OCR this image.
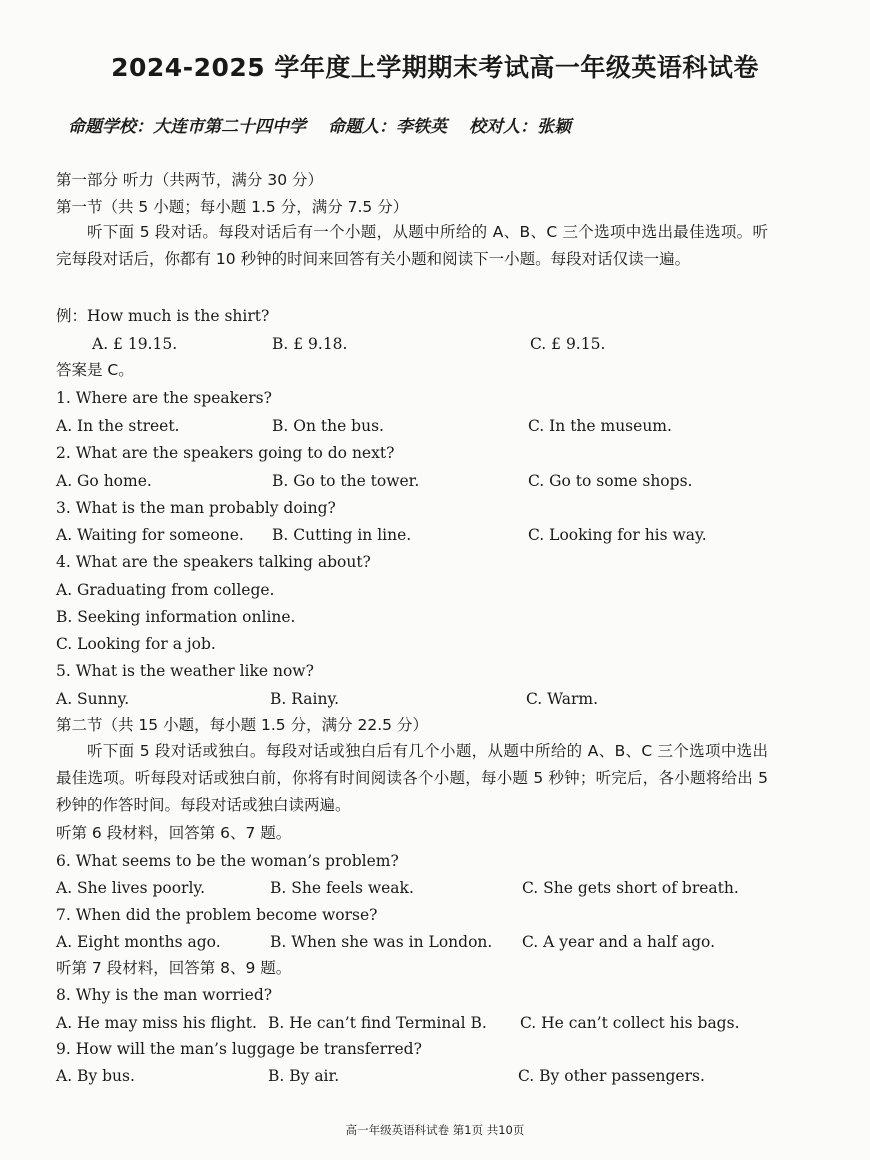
2024-2025 学年度上学期期末考试高一年级英语科试卷
命题学校：大连市第二十四中学 命题人：李铁英 校对人：张颖
第一部分 听力（共两节，满分 30 分）
第一节（共 5 小题；每小题 1.5 分，满分 7.5 分）
听下面 5 段对话。每段对话后有一个小题，从题中所给的 A、B、C 三个选项中选出最佳选项。听完每段对话后，你都有 10 秒钟的时间来回答有关小题和阅读下一小题。每段对话仅读一遍。
例：How much is the shirt?
A. £ 19.15.	B. £ 9.18.	C. £ 9.15.
答案是 C。
1. Where are the speakers?
A. In the street.	B. On the bus.	C. In the museum.
2. What are the speakers going to do next?
A. Go home.	B. Go to the tower.	C. Go to some shops.
3. What is the man probably doing?
A. Waiting for someone. B. Cutting in line.	C. Looking for his way.
4. What are the speakers talking about?
A. Graduating from college.
B. Seeking information online.
C. Looking for a job.
5. What is the weather like now?
A. Sunny.	B. Rainy.	C. Warm.
第二节（共 15 小题，每小题 1.5 分，满分 22.5 分）
听下面 5 段对话或独白。每段对话或独白后有几个小题，从题中所给的 A、B、C 三个选项中选出最佳选项。听每段对话或独白前，你将有时间阅读各个小题，每小题 5 秒钟；听完后，各小题将给出 5 秒钟的作答时间。每段对话或独白读两遍。
听第 6 段材料，回答第 6、7 题。
6. What seems to be the woman’s problem?
A. She lives poorly.	B. She feels weak.	C. She gets short of breath.
7. When did the problem become worse?
A. Eight months ago.	B. When she was in London. C. A year and a half ago.
听第 7 段材料，回答第 8、9 题。
8. Why is the man worried?
A. He may miss his flight. B. He can’t find Terminal B. C. He can’t collect his bags.
9. How will the man’s luggage be transferred?
A. By bus.	B. By air.	C. By other passengers.
高一年级英语科试卷 第1页 共10页
